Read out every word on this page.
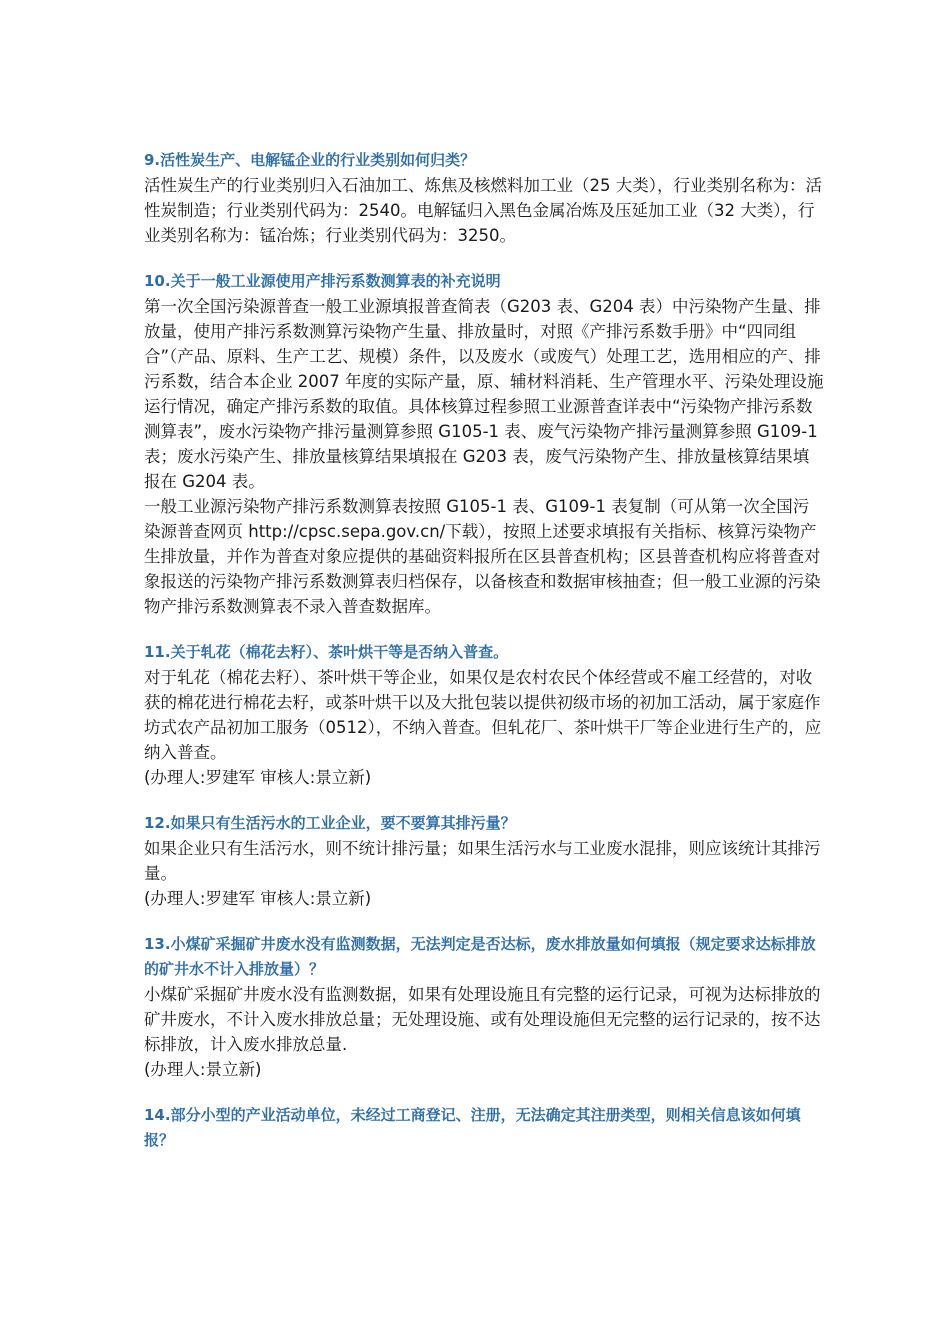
9.活性炭生产、电解锰企业的行业类别如何归类？

活性炭生产的行业类别归入石油加工、炼焦及核燃料加工业（25 大类），行业类别名称为：活性炭制造；行业类别代码为：2540。电解锰归入黑色金属冶炼及压延加工业（32 大类），行业类别名称为：锰冶炼；行业类别代码为：3250。

10.关于一般工业源使用产排污系数测算表的补充说明

第一次全国污染源普查一般工业源填报普查简表（G203 表、G204 表）中污染物产生量、排放量，使用产排污系数测算污染物产生量、排放量时，对照《产排污系数手册》中“四同组合”（产品、原料、生产工艺、规模）条件，以及废水（或废气）处理工艺，选用相应的产、排污系数，结合本企业 2007 年度的实际产量，原、辅材料消耗、生产管理水平、污染处理设施运行情况，确定产排污系数的取值。具体核算过程参照工业源普查详表中“污染物产排污系数测算表”，废水污染物产排污量测算参照 G105-1 表、废气污染物产排污量测算参照 G109-1 表；废水污染产生、排放量核算结果填报在 G203 表，废气污染物产生、排放量核算结果填报在 G204 表。

一般工业源污染物产排污系数测算表按照 G105-1 表、G109-1 表复制（可从第一次全国污染源普查网页 http://cpsc.sepa.gov.cn/下载），按照上述要求填报有关指标、核算污染物产生排放量，并作为普查对象应提供的基础资料报所在区县普查机构；区县普查机构应将普查对象报送的污染物产排污系数测算表归档保存，以备核查和数据审核抽查；但一般工业源的污染物产排污系数测算表不录入普查数据库。

11.关于轧花（棉花去籽）、茶叶烘干等是否纳入普查。

对于轧花（棉花去籽）、茶叶烘干等企业，如果仅是农村农民个体经营或不雇工经营的，对收获的棉花进行棉花去籽，或茶叶烘干以及大批包装以提供初级市场的初加工活动，属于家庭作坊式农产品初加工服务（0512），不纳入普查。但轧花厂、茶叶烘干厂等企业进行生产的，应纳入普查。

(办理人:罗建军 审核人:景立新)

12.如果只有生活污水的工业企业，要不要算其排污量？

如果企业只有生活污水，则不统计排污量；如果生活污水与工业废水混排，则应该统计其排污量。

(办理人:罗建军 审核人:景立新)

13.小煤矿采掘矿井废水没有监测数据，无法判定是否达标，废水排放量如何填报（规定要求达标排放的矿井水不计入排放量）？

小煤矿采掘矿井废水没有监测数据，如果有处理设施且有完整的运行记录，可视为达标排放的矿井废水，不计入废水排放总量；无处理设施、或有处理设施但无完整的运行记录的，按不达标排放，计入废水排放总量.

(办理人:景立新)

14.部分小型的产业活动单位，未经过工商登记、注册，无法确定其注册类型，则相关信息该如何填报？
